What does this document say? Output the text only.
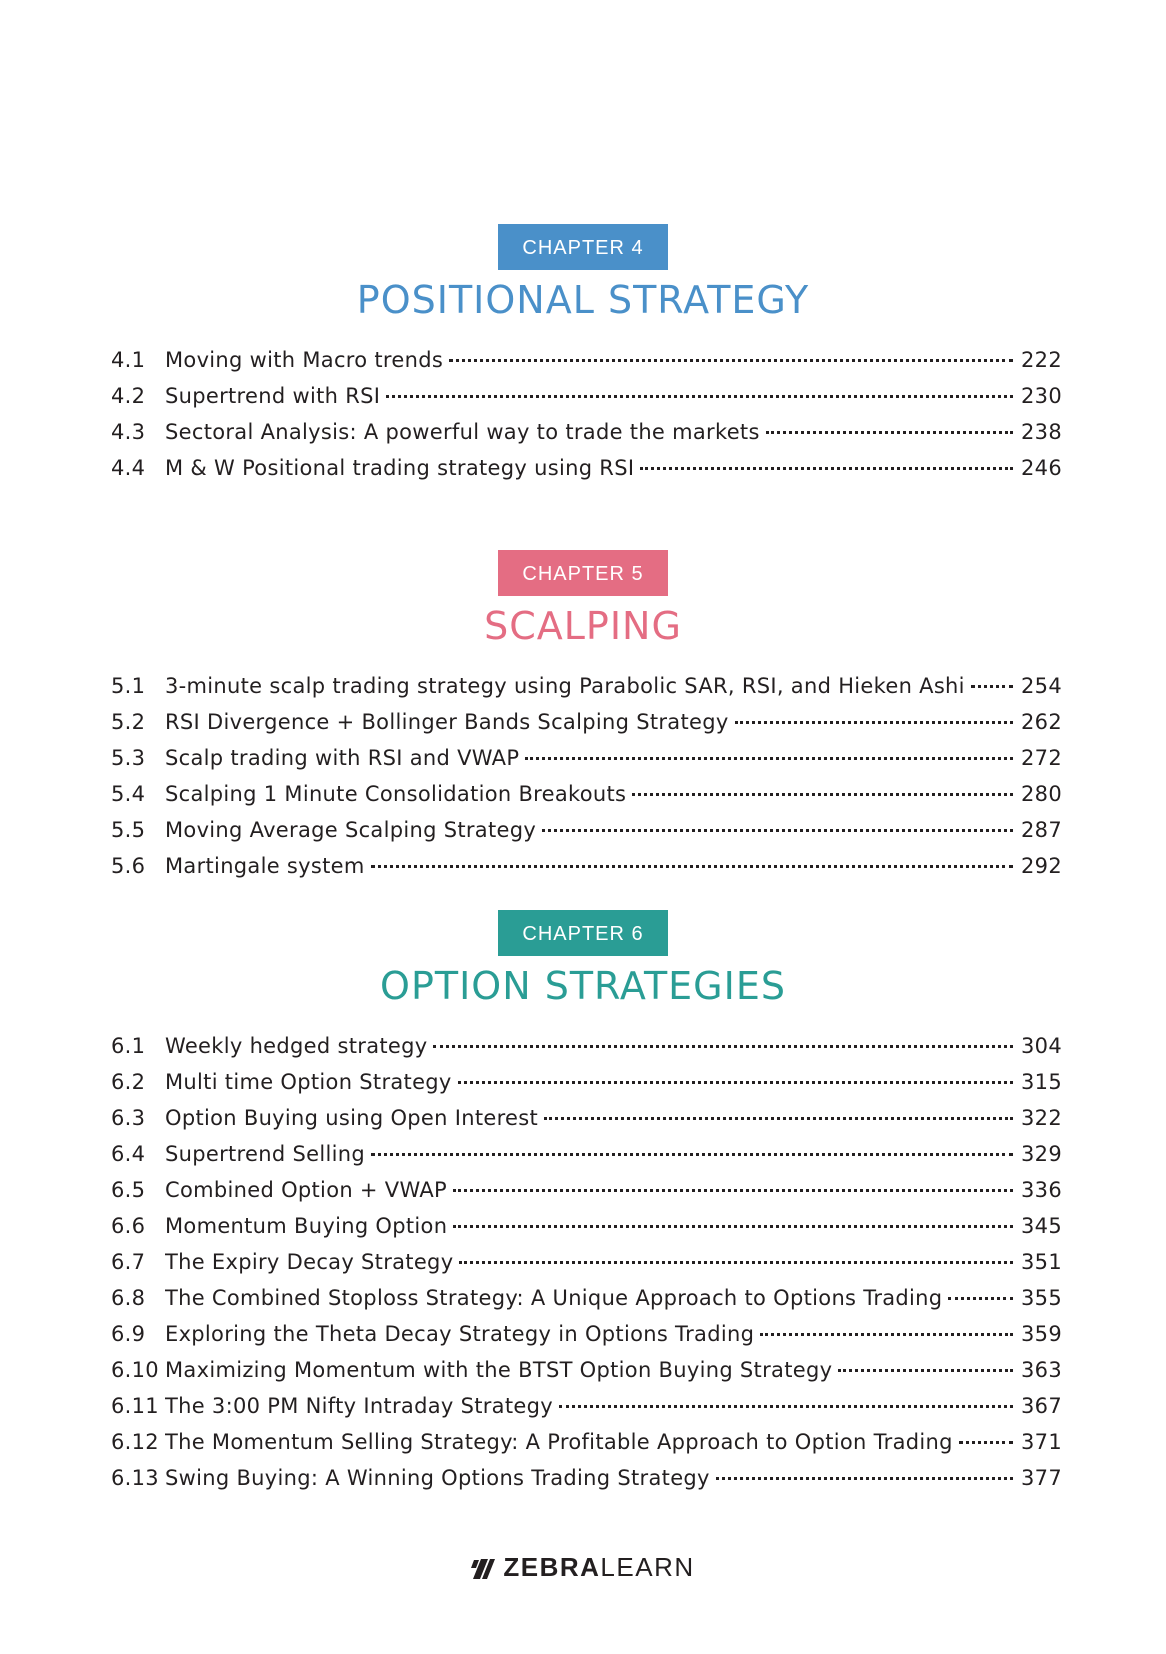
CHAPTER 4
POSITIONAL STRATEGY
4.1 Moving with Macro trends	222
4.2 Supertrend with RSI	230
4.3 Sectoral Analysis: A powerful way to trade the markets	238
4.4 M & W Positional trading strategy using RSI	246
CHAPTER 5
SCALPING
5.1 3-minute scalp trading strategy using Parabolic SAR, RSI, and Hieken Ashi	254
5.2 RSI Divergence + Bollinger Bands Scalping Strategy	262
5.3 Scalp trading with RSI and VWAP	272
5.4 Scalping 1 Minute Consolidation Breakouts	280
5.5 Moving Average Scalping Strategy	287
5.6 Martingale system	292
CHAPTER 6
OPTION STRATEGIES
6.1 Weekly hedged strategy	304
6.2 Multi time Option Strategy	315
6.3 Option Buying using Open Interest	322
6.4 Supertrend Selling	329
6.5 Combined Option + VWAP	336
6.6 Momentum Buying Option	345
6.7 The Expiry Decay Strategy	351
6.8 The Combined Stoploss Strategy: A Unique Approach to Options Trading	355
6.9 Exploring the Theta Decay Strategy in Options Trading	359
6.10 Maximizing Momentum with the BTST Option Buying Strategy	363
6.11 The 3:00 PM Nifty Intraday Strategy	367
6.12 The Momentum Selling Strategy: A Profitable Approach to Option Trading	371
6.13 Swing Buying: A Winning Options Trading Strategy	377
ZEBRALEARN
